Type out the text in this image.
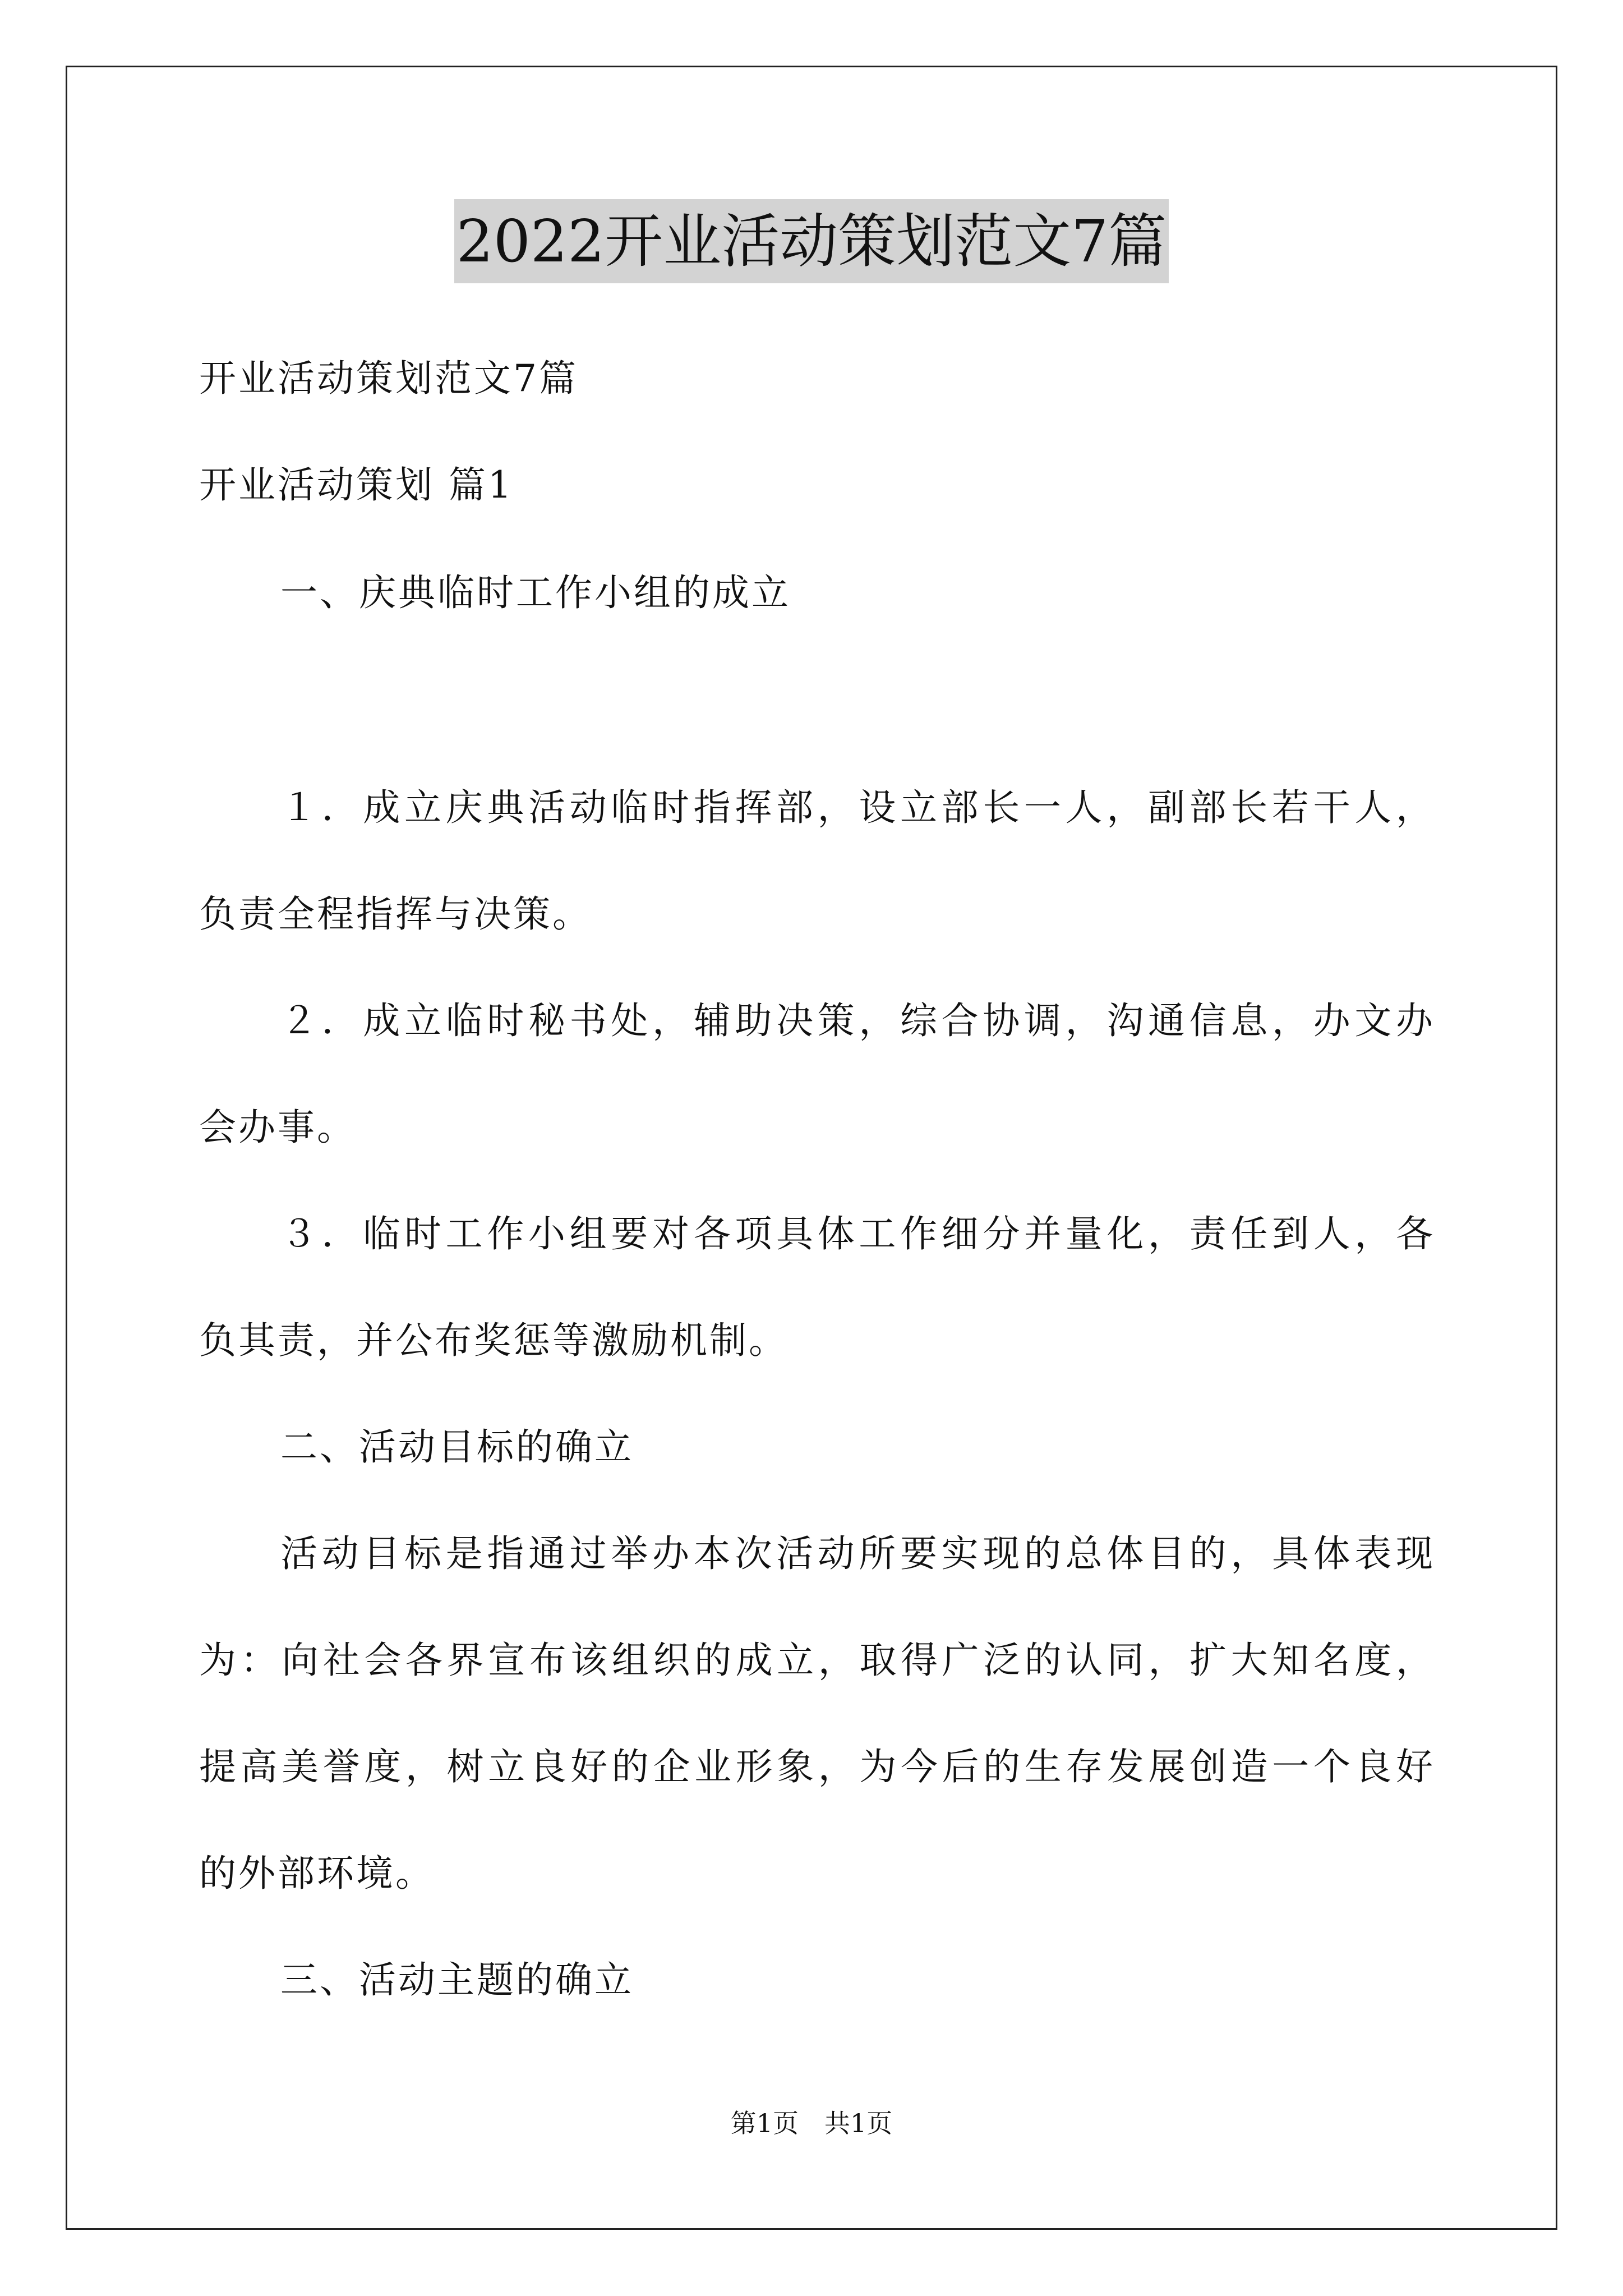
2022开业活动策划范文7篇
开业活动策划范文7篇
开业活动策划 篇1
一、庆典临时工作小组的成立
１．成立庆典活动临时指挥部，设立部长一人，副部长若干人，
负责全程指挥与决策。
２．成立临时秘书处，辅助决策，综合协调，沟通信息，办文办
会办事。
３．临时工作小组要对各项具体工作细分并量化，责任到人，各
负其责，并公布奖惩等激励机制。
二、活动目标的确立
活动目标是指通过举办本次活动所要实现的总体目的，具体表现
为：向社会各界宣布该组织的成立，取得广泛的认同，扩大知名度，
提高美誉度，树立良好的企业形象，为今后的生存发展创造一个良好
的外部环境。
三、活动主题的确立
第1页　共1页
